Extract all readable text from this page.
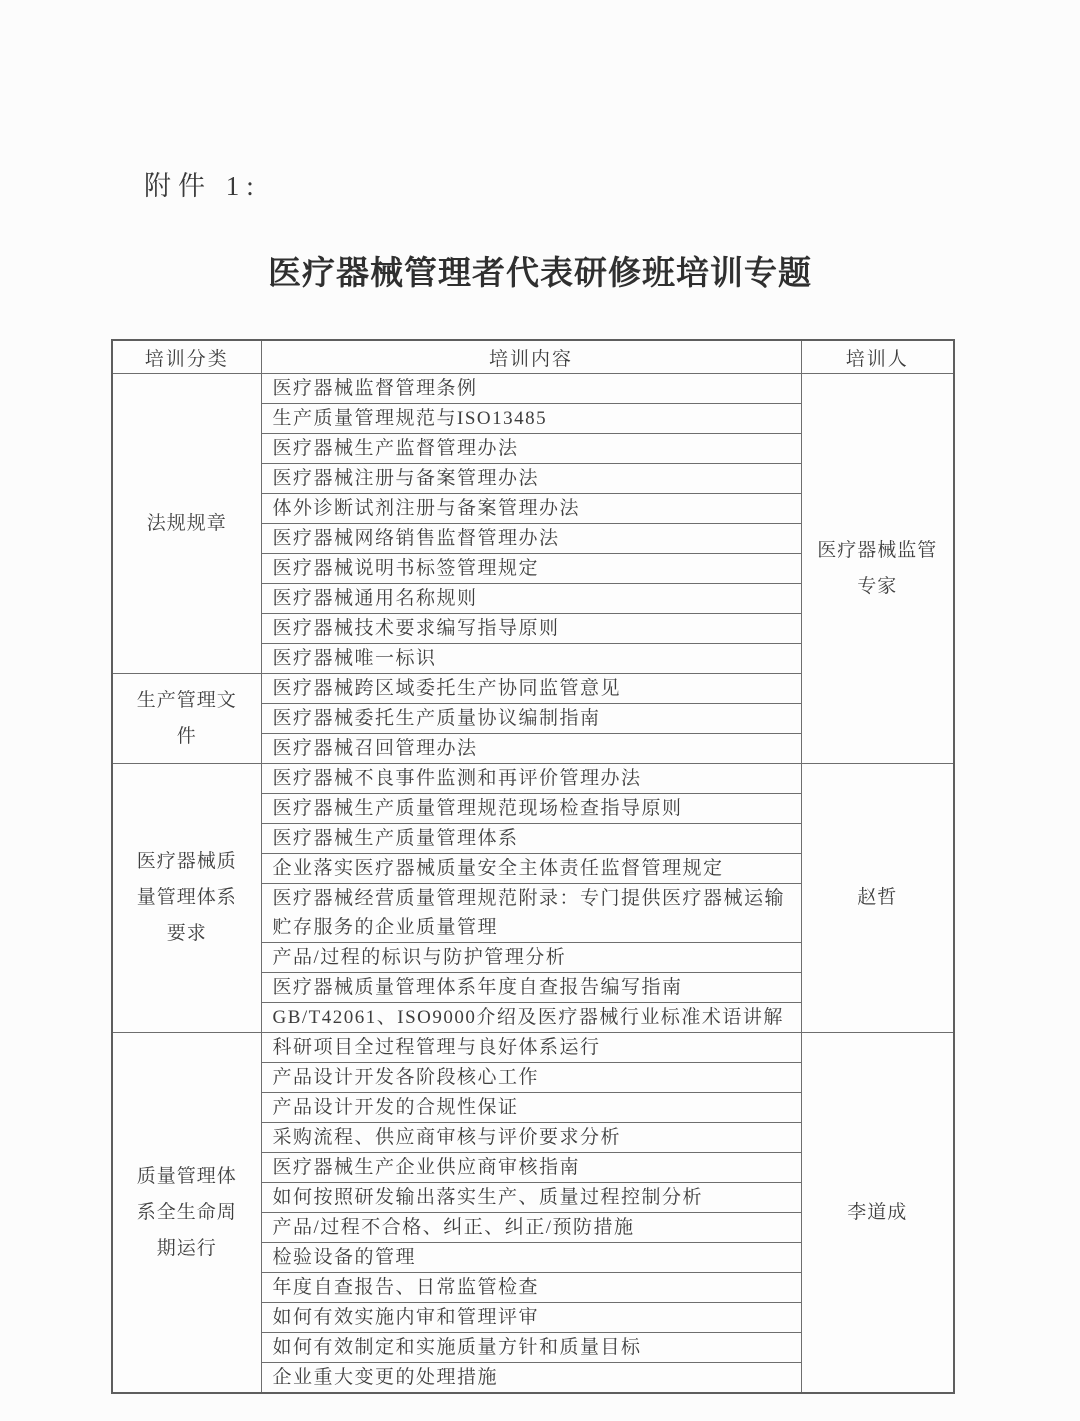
附件 1:
医疗器械管理者代表研修班培训专题
培训分类	培训内容	培训人
法规规章	医疗器械监督管理条例	医疗器械监管专家
	生产质量管理规范与ISO13485	
	医疗器械生产监督管理办法	
	医疗器械注册与备案管理办法	
	体外诊断试剂注册与备案管理办法	
	医疗器械网络销售监督管理办法	
	医疗器械说明书标签管理规定	
	医疗器械通用名称规则	
	医疗器械技术要求编写指导原则	
	医疗器械唯一标识	
生产管理文件	医疗器械跨区域委托生产协同监管意见	
	医疗器械委托生产质量协议编制指南	
	医疗器械召回管理办法	
医疗器械质量管理体系要求	医疗器械不良事件监测和再评价管理办法	赵哲
	医疗器械生产质量管理规范现场检查指导原则	
	医疗器械生产质量管理体系	
	企业落实医疗器械质量安全主体责任监督管理规定	
	医疗器械经营质量管理规范附录：专门提供医疗器械运输贮存服务的企业质量管理	
	产品/过程的标识与防护管理分析	
	医疗器械质量管理体系年度自查报告编写指南	
	GB/T42061、ISO9000介绍及医疗器械行业标准术语讲解	
质量管理体系全生命周期运行	科研项目全过程管理与良好体系运行	李道成
	产品设计开发各阶段核心工作	
	产品设计开发的合规性保证	
	采购流程、供应商审核与评价要求分析	
	医疗器械生产企业供应商审核指南	
	如何按照研发输出落实生产、质量过程控制分析	
	产品/过程不合格、纠正、纠正/预防措施	
	检验设备的管理	
	年度自查报告、日常监管检查	
	如何有效实施内审和管理评审	
	如何有效制定和实施质量方针和质量目标	
	企业重大变更的处理措施	
